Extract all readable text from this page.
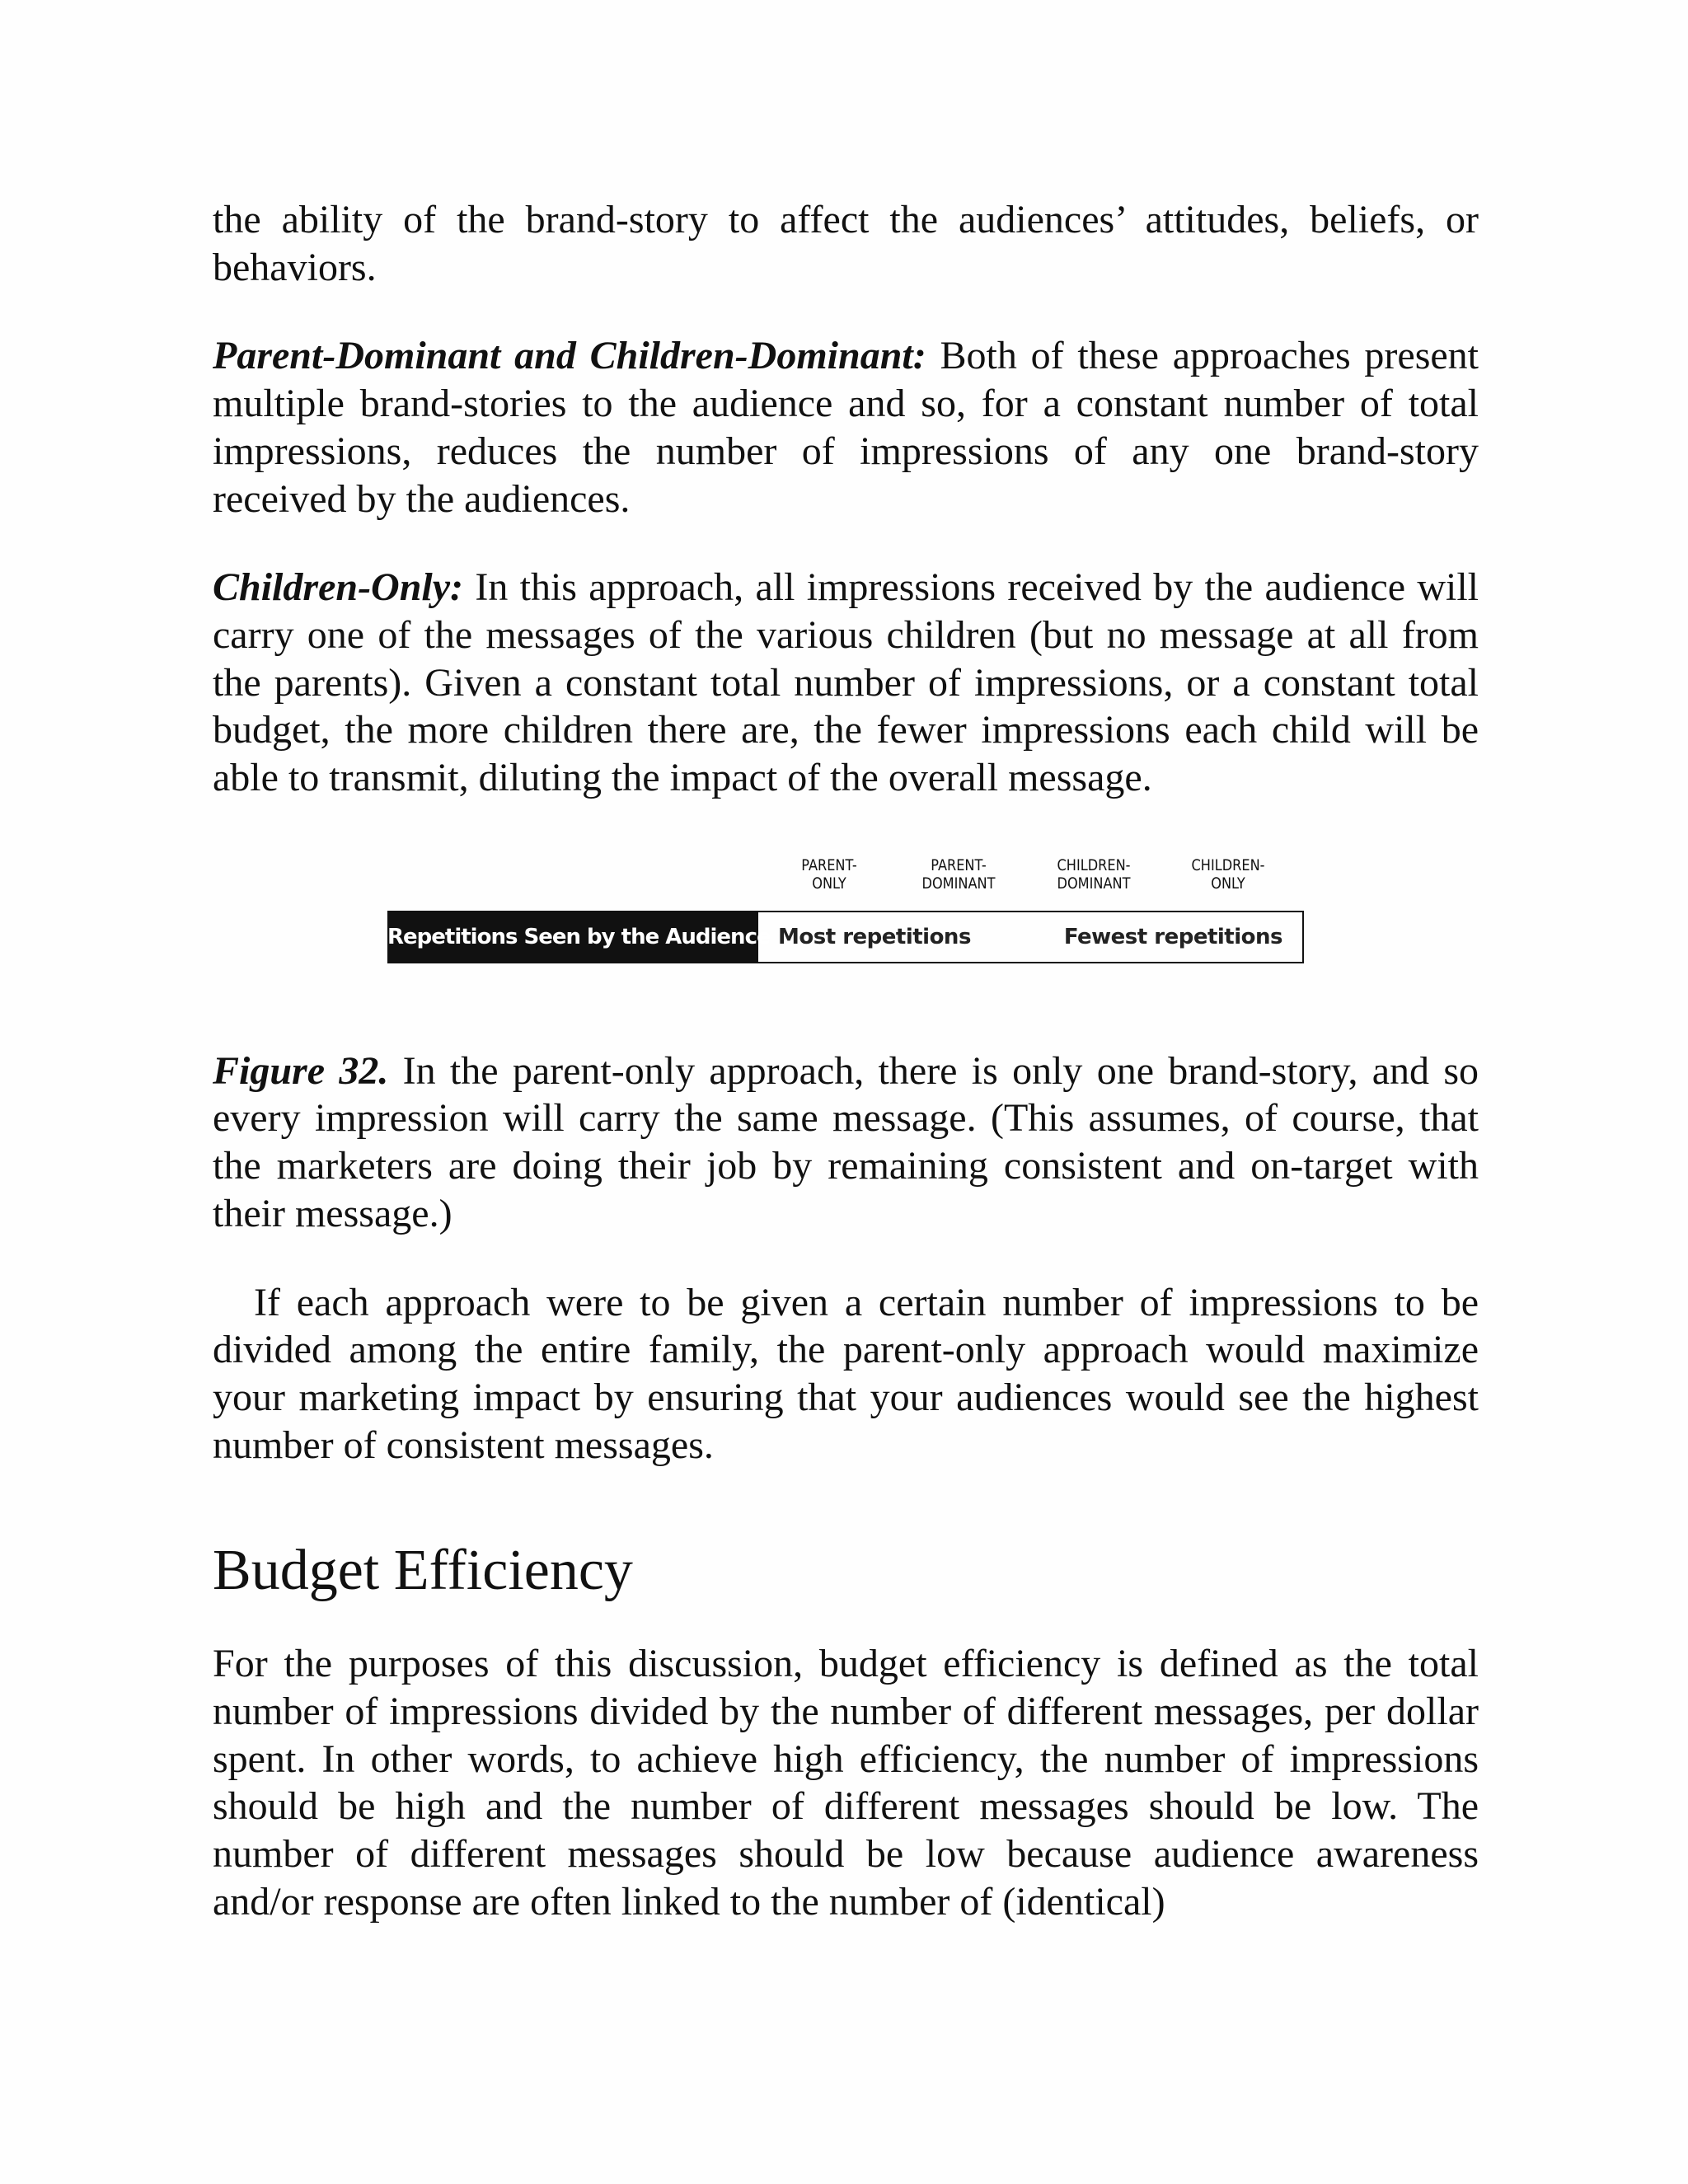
the ability of the brand-story to affect the audiences’ attitudes, beliefs, or behaviors.

Parent-Dominant and Children-Dominant: Both of these approaches present multiple brand-stories to the audience and so, for a constant number of total impressions, reduces the number of impressions of any one brand-story received by the audiences.

Children-Only: In this approach, all impressions received by the audience will carry one of the messages of the various children (but no message at all from the parents). Given a constant total number of impressions, or a constant total budget, the more children there are, the fewer impressions each child will be able to transmit, diluting the impact of the overall message.

PARENT-
ONLY
PARENT-
DOMINANT
CHILDREN-
DOMINANT
CHILDREN-
ONLY
Repetitions Seen by the Audience Most repetitions	Fewest repetitions

Figure 32. In the parent-only approach, there is only one brand-story, and so every impression will carry the same message. (This assumes, of course, that the marketers are doing their job by remaining consistent and on-target with their message.)

If each approach were to be given a certain number of impressions to be divided among the entire family, the parent-only approach would maximize your marketing impact by ensuring that your audiences would see the highest number of consistent messages.

Budget Efficiency

For the purposes of this discussion, budget efficiency is defined as the total number of impressions divided by the number of different messages, per dollar spent. In other words, to achieve high efficiency, the number of impressions should be high and the number of different messages should be low. The number of different messages should be low because audience awareness and/or response are often linked to the number of (identical)
